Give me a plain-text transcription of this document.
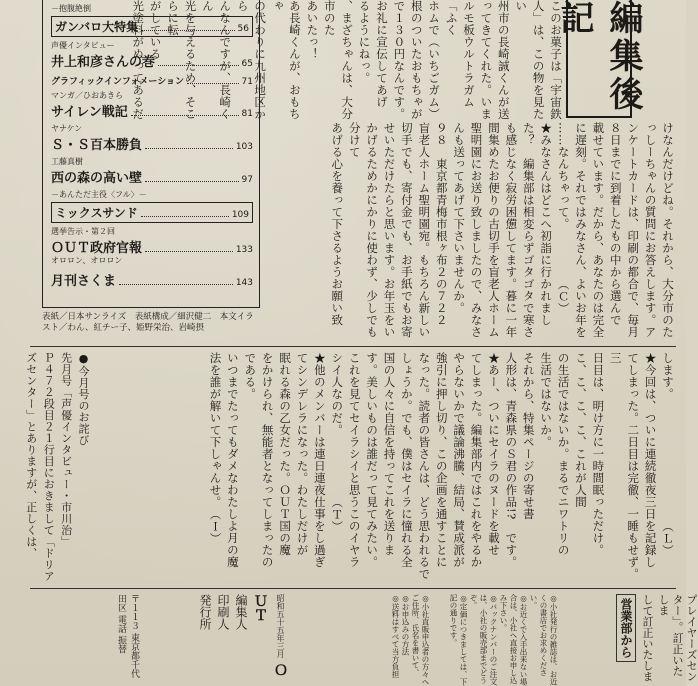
編集後記
－抱腹絶倒
ガンバロ大特集	56
声優インタビュー
井上和彦さんの巻	65
グラフィックインフォメーション	71
マンガ／ひおあきら
サイレン戦記	81
ヤナケン
Ｓ・Ｓ百本勝負	103
工藤真樹
西の森の高い壁	97
－あんただ主役〈フル〉－
ミックスサンド	109
選挙告示・第２回
ＯＵＴ政府官報	133
オロロン、オロロン
月刊さくま	143
表紙／日本サンライズ　表紙構成／細沢健二　本文イラスト／わん、紅チー子、姫野栄治、岩崎摂
このお菓子は「宇宙鉄
人」は、この物を見たい
州市の長崎誠くんが送
ってきてくれた。いま
ルモ板ウルトラガム「ふく
ホムで（いちごガム）
根のついたおもちゃが
で１３０円なんです。
お礼に宣伝してあげ
るようにねっ。
、まざちゃんは、大分市のた
あいたっ！
あ長崎くんが、おもちゃ
の代わりに九州地区から
んなんですが、長崎くん
光を与えるため、そこらに転
がしている
光塗料がぬってあるだ
けなんだけどね。それから、大分市のた
っしーちゃんの質問にお答えします。ア
ンケートカードは、印刷の都合で、毎月
８日までに到着したもの中から選んで
載せています。だから、あなたのは完全
に遅刻。それではみなさん、よいお年を
……なんちゃって。　　　　　（Ｃ）
★みなさんはどこへ初詣に行かれまし
た？　編集部は相変らずゴタゴタで寒さ
も感じなく寂労困憊してます。暮に一年
間集めたお便りの古切手を盲老人ホーム
聖明園にお送り致しましたので、みなさ
んも送ってあげて下さいませんか。
９８　東京都青梅市根ヶ布２の７２２
盲老人ホーム聖明園宛。もちろん新しい
切手でも、寄付金でも、お手紙でもお寄
せいただけたらと思います。お年玉をい
かげるためかにかりに使わず、少しでも分けて
あげる心を養って下さるようお願い致
します。　　　　　　　　　　　（Ｌ）
★今回は、ついに連続徹夜三日を記録し
てしまった。二日目は完徹、一睡もせず。三
日目は、明け方に一時間眠っただけ。
こ、こ、こ、こ、これが人間
の生活ではないか。まるでニワトリの
生活ではないか。
それから、特集ページの寄せ書
人形は、青森県のＳ君の作品!?　です。
★あー、ついにセイラのヌードを載せ
てしまった。編集部内ではこれをやるか
やらないかで議論沸騰、結局、賛成派が
強引に押し切り、この企画を通すことに
なった。読者の皆さんは、どう思われるで
しょうか。でも、僕はセイラに憧れる全
国の人々に自信を持ってこれを送りま
す。美しいものは誰だって見てみたい。
これを見てセイラシイと思うこのイヤラ
シイ人なのだ。　　　　　　（Ｔ）
★他のメンバーは連日連夜仕事をし過ぎ
てシンデレラになった。わたしだけが
眠れる森の乙女だった。ＯＵＴ国の魔
をかけられ、無能者となってしまったの
である。
いつまでたってもダメなわたしよ月の魔
法を誰が解いて下しゃんせ。　（Ｉ）
●今月号のお詫び
先月号「声優インタビュー・市川治」
Ｐ４７２段目２１行目におきまして「ドリア
ズセンター」とありますが、正しくは、
プレイヤーズセンター」。訂正いたしま
して訂正いたしま
営業部から
◎小社発行の雑誌は、お近くの書店でお求めください。
◎お近くで入手出来ない場合は、小社へ直接お申し込み下さい。
◎バックナンバーのご注文は、小社の販売部までどうぞ。
◎定価につきましては、下記の通りです。
◎小社直販申込者の方々へ
ご住所、氏名を書いて、
◎お申込みの方法
◎送料はすべて当方負担
昭和五十五年三月 ＯＵＴ
編集人
印刷人
発行所
〒１１３ 東京都千代田区 電話 振替
